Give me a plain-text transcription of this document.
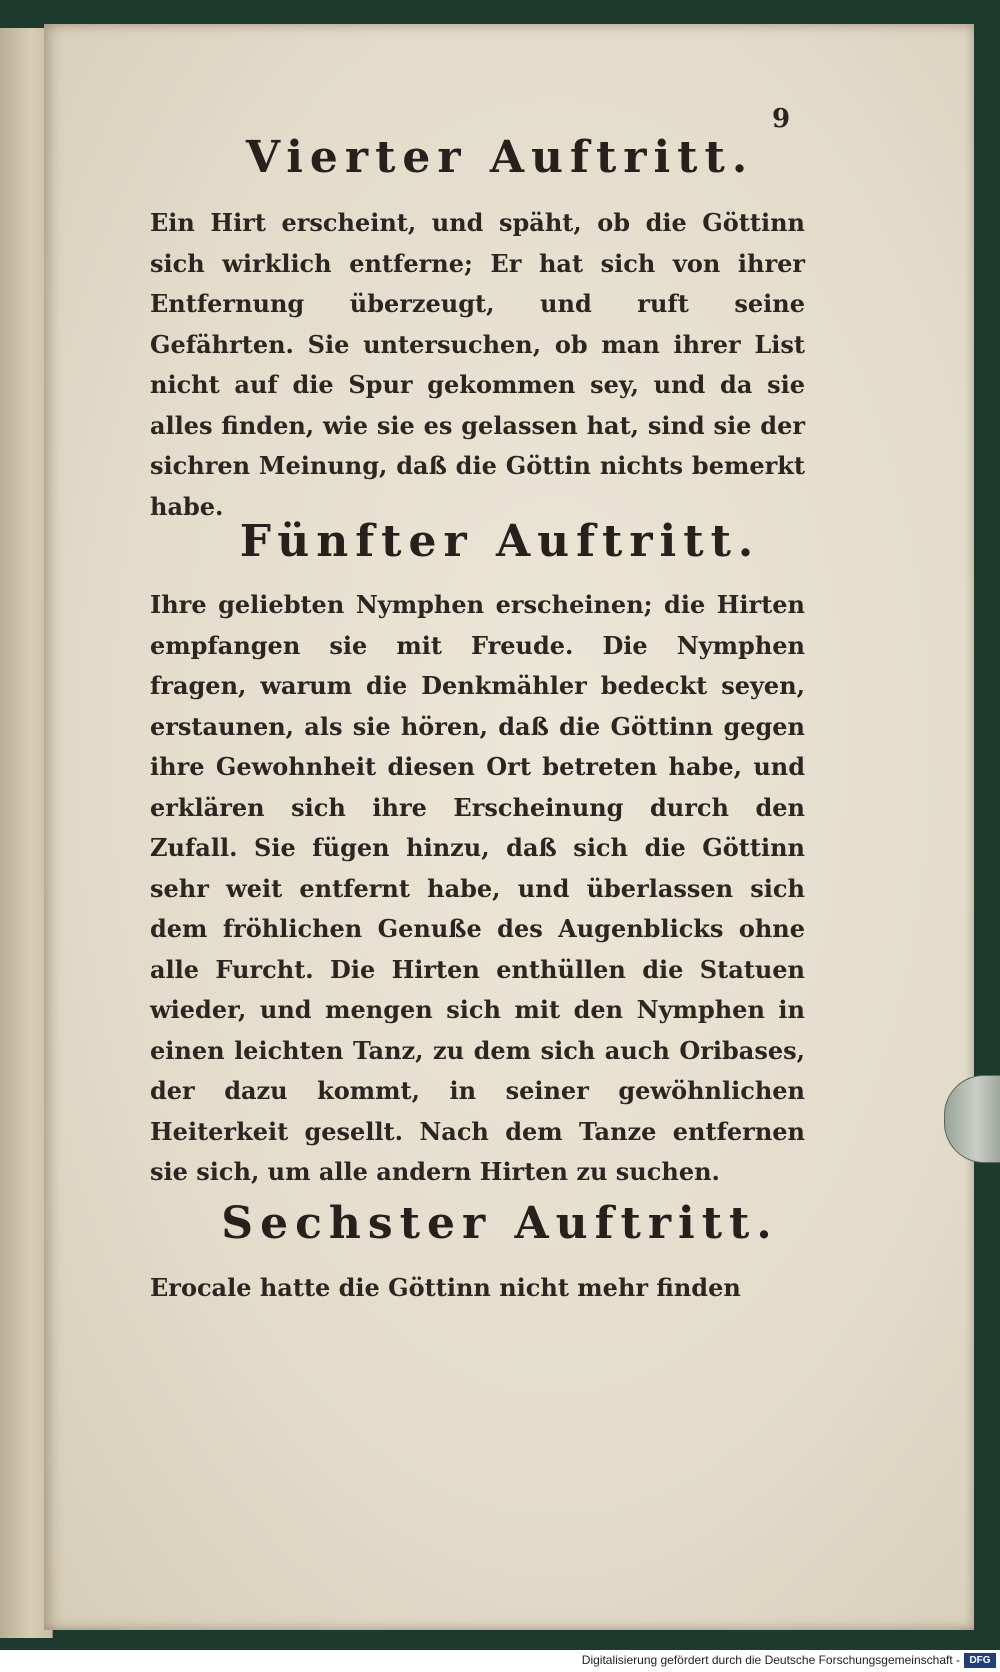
9
Vierter Auftritt.
Ein Hirt erscheint, und späht, ob die Göttinn sich wirklich entferne; Er hat sich von ihrer Entfernung überzeugt, und ruft seine Gefährten. Sie untersuchen, ob man ihrer List nicht auf die Spur gekommen sey, und da sie alles finden, wie sie es gelassen hat, sind sie der sichren Meinung, daß die Göttin nichts bemerkt habe.
Fünfter Auftritt.
Ihre geliebten Nymphen erscheinen; die Hirten empfangen sie mit Freude. Die Nymphen fragen, warum die Denkmähler bedeckt seyen, erstaunen, als sie hören, daß die Göttinn gegen ihre Gewohnheit diesen Ort betreten habe, und erklären sich ihre Erscheinung durch den Zufall. Sie fügen hinzu, daß sich die Göttinn sehr weit entfernt habe, und überlassen sich dem fröhlichen Genuße des Augenblicks ohne alle Furcht. Die Hirten enthüllen die Statuen wieder, und mengen sich mit den Nymphen in einen leichten Tanz, zu dem sich auch Oribases, der dazu kommt, in seiner gewöhnlichen Heiterkeit gesellt. Nach dem Tanze entfernen sie sich, um alle andern Hirten zu suchen.
Sechster Auftritt.
Erocale hatte die Göttinn nicht mehr finden
Digitalisierung gefördert durch die Deutsche Forschungsgemeinschaft - DFG
